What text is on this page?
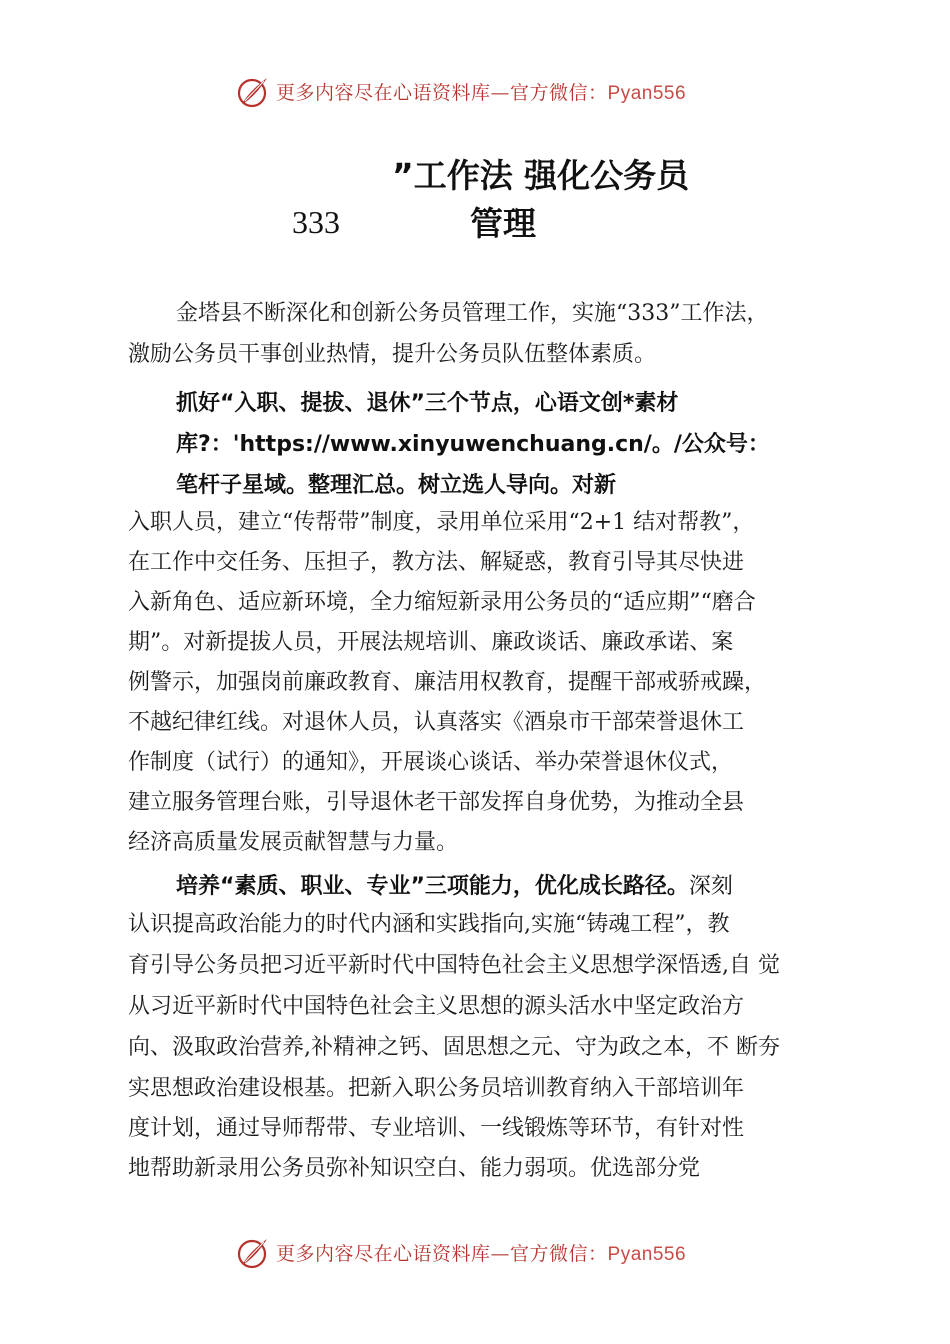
更多内容尽在心语资料库—官方微信：Pyan556
”工作法 强化公务员
333	管理
金塔县不断深化和创新公务员管理工作，实施“333”工作法，
激励公务员干事创业热情，提升公务员队伍整体素质。
抓好“入职、提拔、退休”三个节点，心语文创*素材
库?：'https://www.xinyuwenchuang.cn/。/公众号：
笔杆子星域。整理汇总。树立选人导向。对新
入职人员，建立“传帮带”制度，录用单位采用“2+1 结对帮教”，
在工作中交任务、压担子，教方法、解疑惑，教育引导其尽快进
入新角色、适应新环境，全力缩短新录用公务员的“适应期”“磨合
期”。对新提拔人员，开展法规培训、廉政谈话、廉政承诺、案
例警示，加强岗前廉政教育、廉洁用权教育，提醒干部戒骄戒躁，
不越纪律红线。对退休人员，认真落实《酒泉市干部荣誉退休工
作制度（试行）的通知》，开展谈心谈话、举办荣誉退休仪式，
建立服务管理台账，引导退休老干部发挥自身优势，为推动全县
经济高质量发展贡献智慧与力量。
培养“素质、职业、专业”三项能力，优化成长路径。深刻
认识提高政治能力的时代内涵和实践指向,实施“铸魂工程”，教
育引导公务员把习近平新时代中国特色社会主义思想学深悟透,自 觉
从习近平新时代中国特色社会主义思想的源头活水中坚定政治方
向、汲取政治营养,补精神之钙、固思想之元、守为政之本，不 断夯
实思想政治建设根基。把新入职公务员培训教育纳入干部培训年
度计划，通过导师帮带、专业培训、一线锻炼等环节，有针对性
地帮助新录用公务员弥补知识空白、能力弱项。优选部分党
更多内容尽在心语资料库—官方微信：Pyan556
